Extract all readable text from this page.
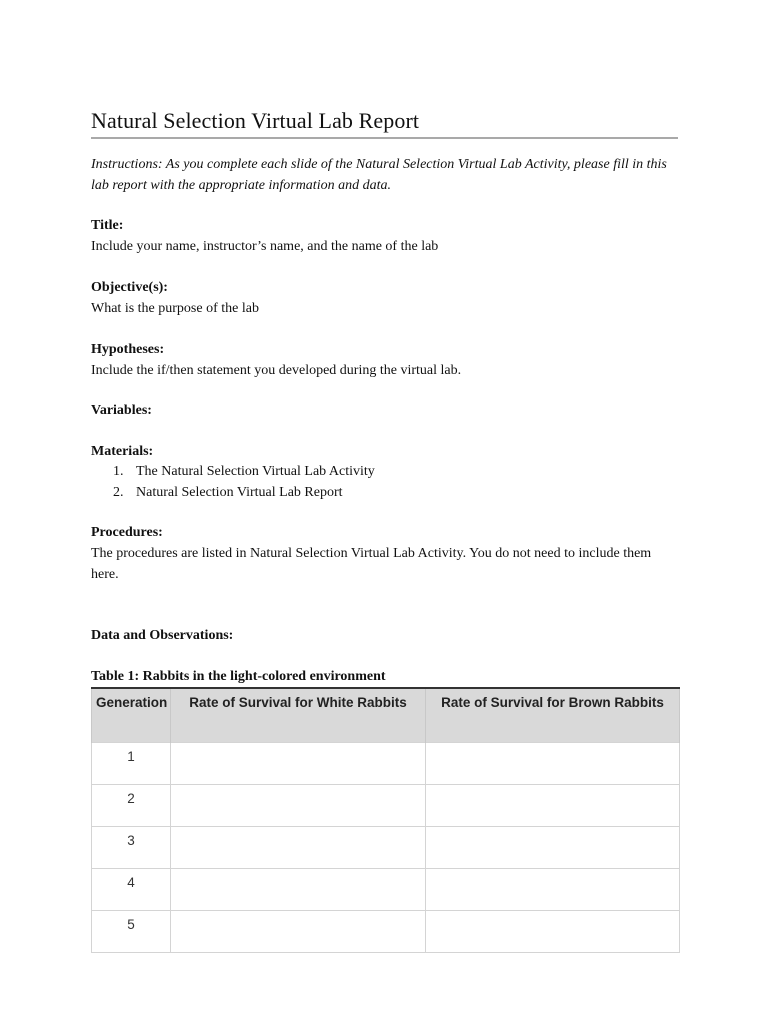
Natural Selection Virtual Lab Report
Instructions: As you complete each slide of the Natural Selection Virtual Lab Activity, please fill in this lab report with the appropriate information and data.
Title:
Include your name, instructor’s name, and the name of the lab
Objective(s):
What is the purpose of the lab
Hypotheses:
Include the if/then statement you developed during the virtual lab.
Variables:
Materials:
1. The Natural Selection Virtual Lab Activity
2. Natural Selection Virtual Lab Report
Procedures:
The procedures are listed in Natural Selection Virtual Lab Activity. You do not need to include them here.
Data and Observations:
Table 1: Rabbits in the light-colored environment
Generation	Rate of Survival for White Rabbits	Rate of Survival for Brown Rabbits
1		
2		
3		
4		
5		
